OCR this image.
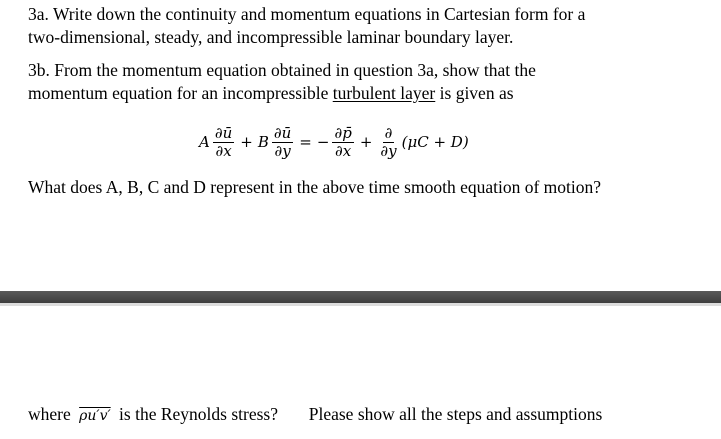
3a. Write down the continuity and momentum equations in Cartesian form for a
two-dimensional, steady, and incompressible laminar boundary layer.
3b. From the momentum equation obtained in question 3a, show that the
momentum equation for an incompressible turbulent layer is given as
A $\frac{\partial ū}{\partial x} + B \frac{\partial ū}{\partial y}$ = − $\frac{\partial p̄}{\partial x} + \frac{\partial}{\partial y} (\mu C + D)$
What does A, B, C and D represent in the above time smooth equation of motion?
where ρu′v′ is the Reynolds stress? Please show all the steps and assumptions
